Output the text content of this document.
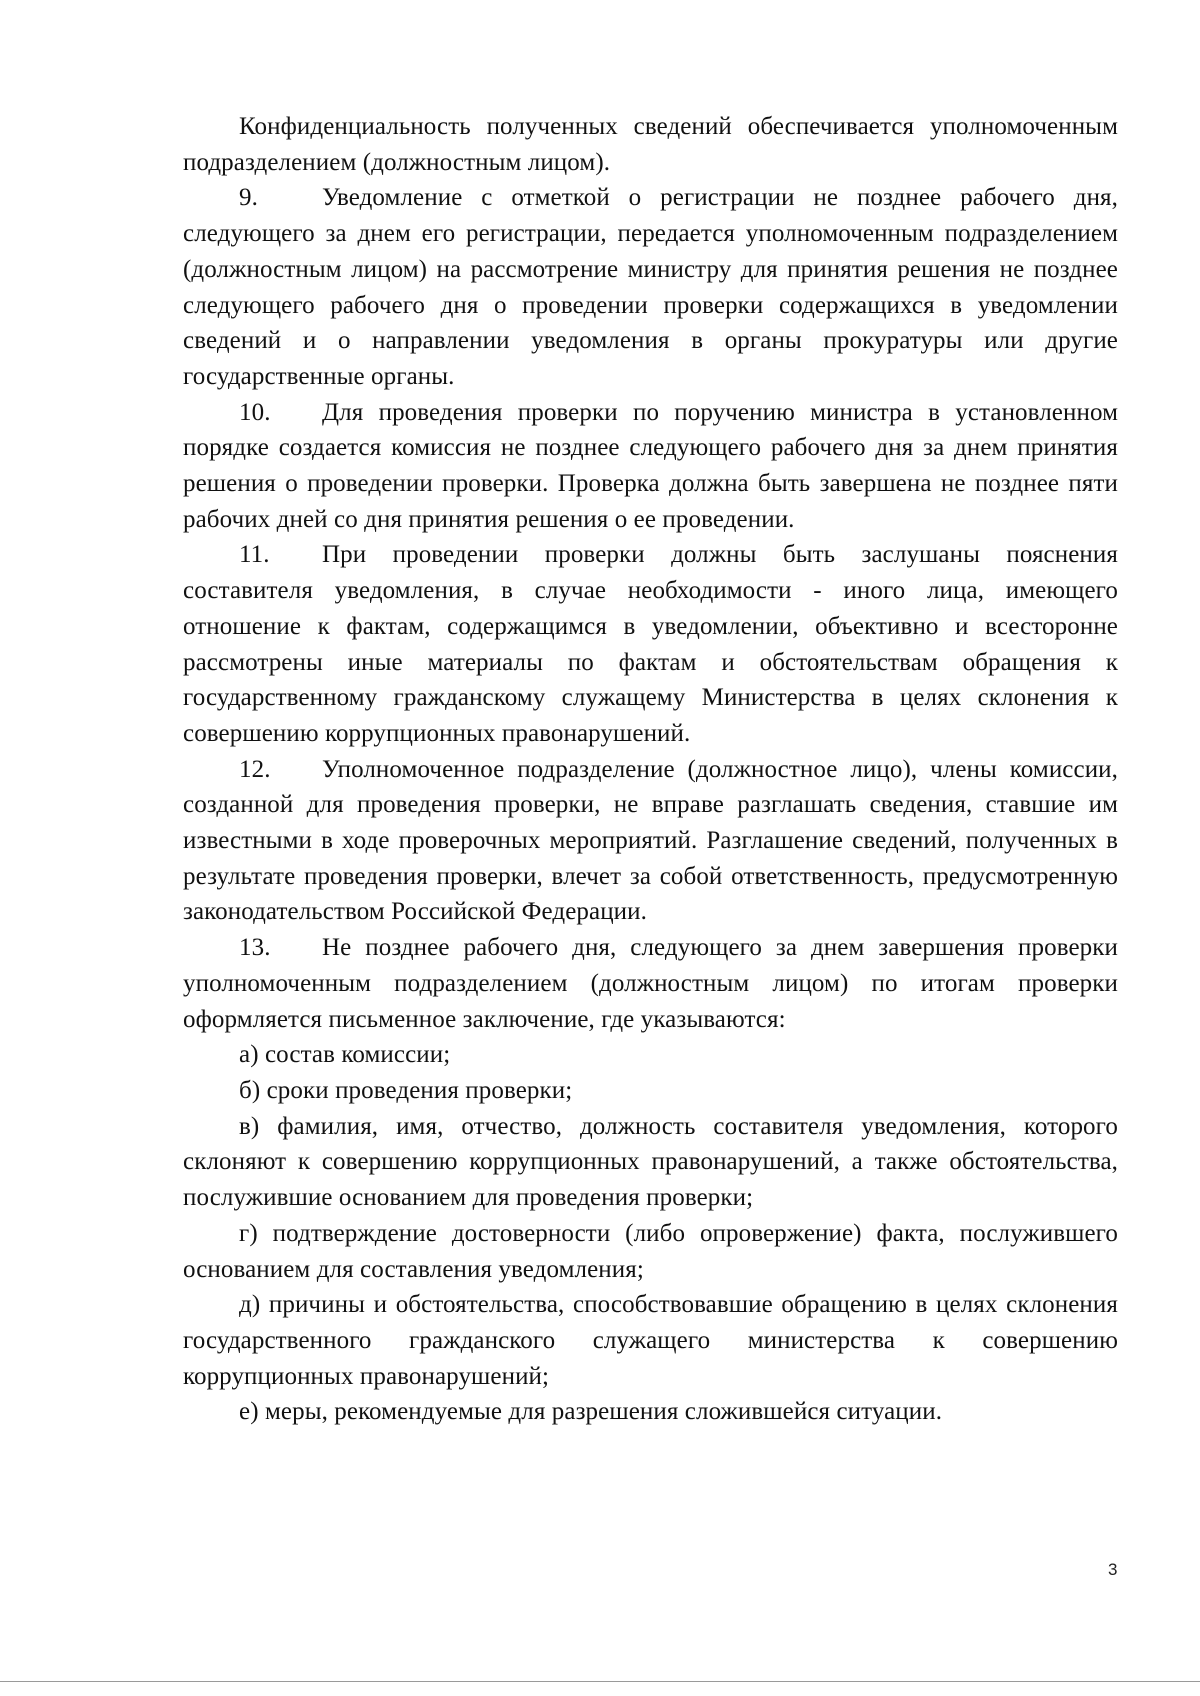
Конфиденциальность полученных сведений обеспечивается уполномоченным подразделением (должностным лицом).

9.	Уведомление с отметкой о регистрации не позднее рабочего дня, следующего за днем его регистрации, передается уполномоченным подразделением (должностным лицом) на рассмотрение министру для принятия решения не позднее следующего рабочего дня о проведении проверки содержащихся в уведомлении сведений и о направлении уведомления в органы прокуратуры или другие государственные органы.

10. Для проведения проверки по поручению министра в установленном порядке создается комиссия не позднее следующего рабочего дня за днем принятия решения о проведении проверки. Проверка должна быть завершена не позднее пяти рабочих дней со дня принятия решения о ее проведении.

11. При проведении проверки должны быть заслушаны пояснения составителя уведомления, в случае необходимости - иного лица, имеющего отношение к фактам, содержащимся в уведомлении, объективно и всесторонне рассмотрены иные материалы по фактам и обстоятельствам обращения к государственному гражданскому служащему Министерства в целях склонения к совершению коррупционных правонарушений.

12. Уполномоченное подразделение (должностное лицо), члены комиссии, созданной для проведения проверки, не вправе разглашать сведения, ставшие им известными в ходе проверочных мероприятий. Разглашение сведений, полученных в результате проведения проверки, влечет за собой ответственность, предусмотренную законодательством Российской Федерации.

13. Не позднее рабочего дня, следующего за днем завершения проверки уполномоченным подразделением (должностным лицом) по итогам проверки оформляется письменное заключение, где указываются:

а) состав комиссии;

б) сроки проведения проверки;

в) фамилия, имя, отчество, должность составителя уведомления, которого склоняют к совершению коррупционных правонарушений, а также обстоятельства, послужившие основанием для проведения проверки;

г) подтверждение достоверности (либо опровержение) факта, послужившего основанием для составления уведомления;

д) причины и обстоятельства, способствовавшие обращению в целях склонения государственного гражданского служащего министерства к совершению коррупционных правонарушений;

е) меры, рекомендуемые для разрешения сложившейся ситуации.

3
